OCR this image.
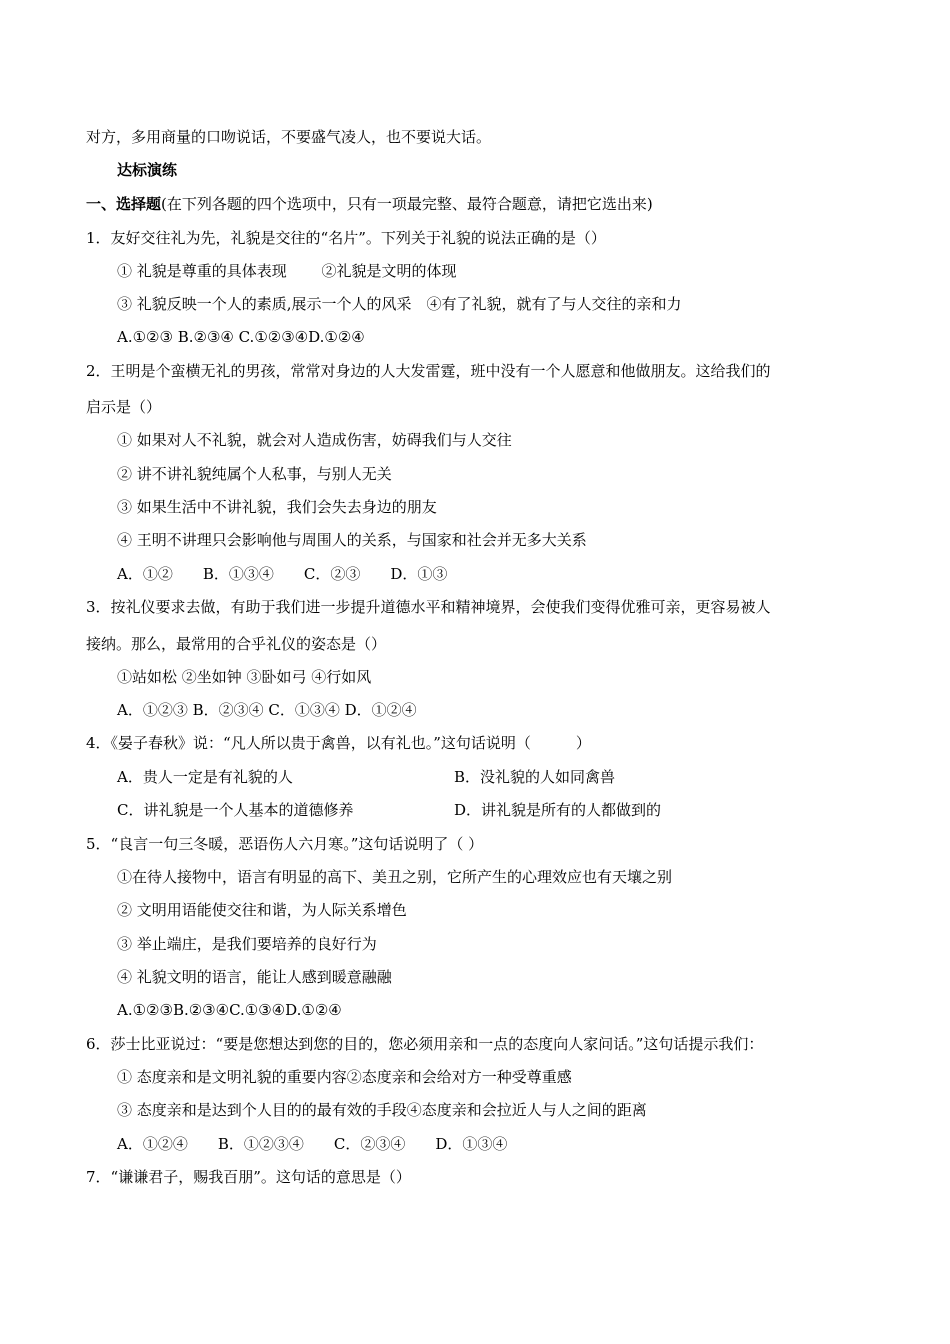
对方，多用商量的口吻说话，不要盛气凌人，也不要说大话。
达标演练
一、选择题(在下列各题的四个选项中，只有一项最完整、最符合题意，请把它选出来)
1．友好交往礼为先，礼貌是交往的“名片”。下列关于礼貌的说法正确的是（）
① 礼貌是尊重的具体表现　　 ②礼貌是文明的体现
③ 礼貌反映一个人的素质,展示一个人的风采　④有了礼貌，就有了与人交往的亲和力
A.①②③ B.②③④ C.①②③④D.①②④
2．王明是个蛮横无礼的男孩，常常对身边的人大发雷霆，班中没有一个人愿意和他做朋友。这给我们的
启示是（）
① 如果对人不礼貌，就会对人造成伤害，妨碍我们与人交往
② 讲不讲礼貌纯属个人私事，与别人无关
③ 如果生活中不讲礼貌，我们会失去身边的朋友
④ 王明不讲理只会影响他与周围人的关系，与国家和社会并无多大关系
A．①②　　B．①③④　　C．②③　　D．①③
3．按礼仪要求去做，有助于我们进一步提升道德水平和精神境界，会使我们变得优雅可亲，更容易被人
接纳。那么，最常用的合乎礼仪的姿态是（）
①站如松 ②坐如钟 ③卧如弓 ④行如风
A．①②③ B．②③④ C．①③④ D．①②④
4．《晏子春秋》说：“凡人所以贵于禽兽，以有礼也。”这句话说明（　　　）
A．贵人一定是有礼貌的人	B．没礼貌的人如同禽兽
C．讲礼貌是一个人基本的道德修养	D．讲礼貌是所有的人都做到的
5．“良言一句三冬暖，恶语伤人六月寒。”这句话说明了（ ）
①在待人接物中，语言有明显的高下、美丑之别，它所产生的心理效应也有天壤之别
② 文明用语能使交往和谐，为人际关系增色
③ 举止端庄，是我们要培养的良好行为
④ 礼貌文明的语言，能让人感到暖意融融
A.①②③B.②③④C.①③④D.①②④
6．莎士比亚说过：“要是您想达到您的目的，您必须用亲和一点的态度向人家问话。”这句话提示我们：
① 态度亲和是文明礼貌的重要内容②态度亲和会给对方一种受尊重感
③ 态度亲和是达到个人目的的最有效的手段④态度亲和会拉近人与人之间的距离
A．①②④　　B．①②③④　　C．②③④　　D．①③④
7．“谦谦君子，赐我百朋”。这句话的意思是（）
